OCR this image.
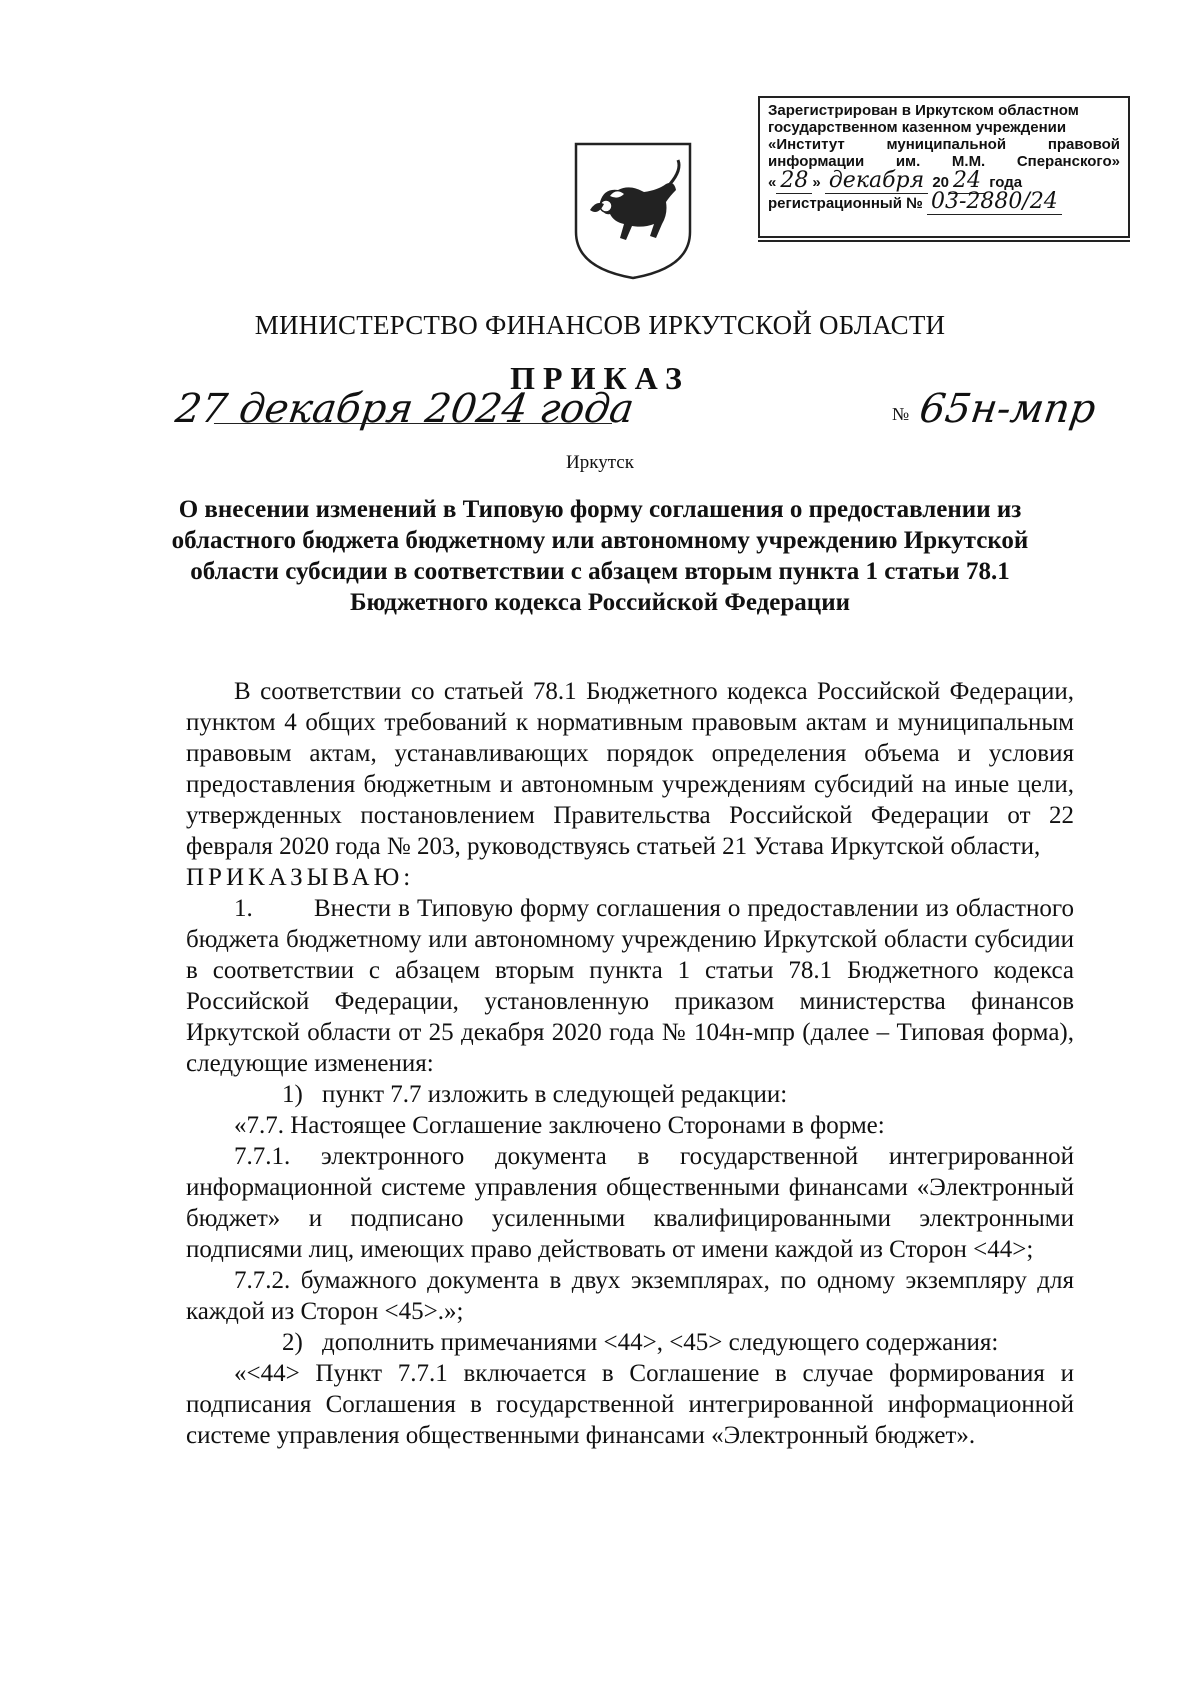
Зарегистрирован в Иркутском областном
государственном казенном учреждении
«Институт муниципальной правовой
информации им. М.М. Сперанского»
« 28 » декабря 20 24 года
регистрационный № 03-2880/24
МИНИСТЕРСТВО ФИНАНСОВ ИРКУТСКОЙ ОБЛАСТИ
ПРИКАЗ
27 декабря 2024 года	№ 65н-мпр
Иркутск
О внесении изменений в Типовую форму соглашения о предоставлении из областного бюджета бюджетному или автономному учреждению Иркутской области субсидии в соответствии с абзацем вторым пункта 1 статьи 78.1 Бюджетного кодекса Российской Федерации

В соответствии со статьей 78.1 Бюджетного кодекса Российской Федерации, пунктом 4 общих требований к нормативным правовым актам и муниципальным правовым актам, устанавливающих порядок определения объема и условия предоставления бюджетным и автономным учреждениям субсидий на иные цели, утвержденных постановлением Правительства Российской Федерации от 22 февраля 2020 года № 203, руководствуясь статьей 21 Устава Иркутской области,

ПРИКАЗЫВАЮ:

1. Внести в Типовую форму соглашения о предоставлении из областного бюджета бюджетному или автономному учреждению Иркутской области субсидии в соответствии с абзацем вторым пункта 1 статьи 78.1 Бюджетного кодекса Российской Федерации, установленную приказом министерства финансов Иркутской области от 25 декабря 2020 года № 104н-мпр (далее – Типовая форма), следующие изменения:

1) пункт 7.7 изложить в следующей редакции:

«7.7. Настоящее Соглашение заключено Сторонами в форме:

7.7.1. электронного документа в государственной интегрированной информационной системе управления общественными финансами «Электронный бюджет» и подписано усиленными квалифицированными электронными подписями лиц, имеющих право действовать от имени каждой из Сторон <44>;

7.7.2. бумажного документа в двух экземплярах, по одному экземпляру для каждой из Сторон <45>.»;

2) дополнить примечаниями <44>, <45> следующего содержания:

«<44> Пункт 7.7.1 включается в Соглашение в случае формирования и подписания Соглашения в государственной интегрированной информационной системе управления общественными финансами «Электронный бюджет».
